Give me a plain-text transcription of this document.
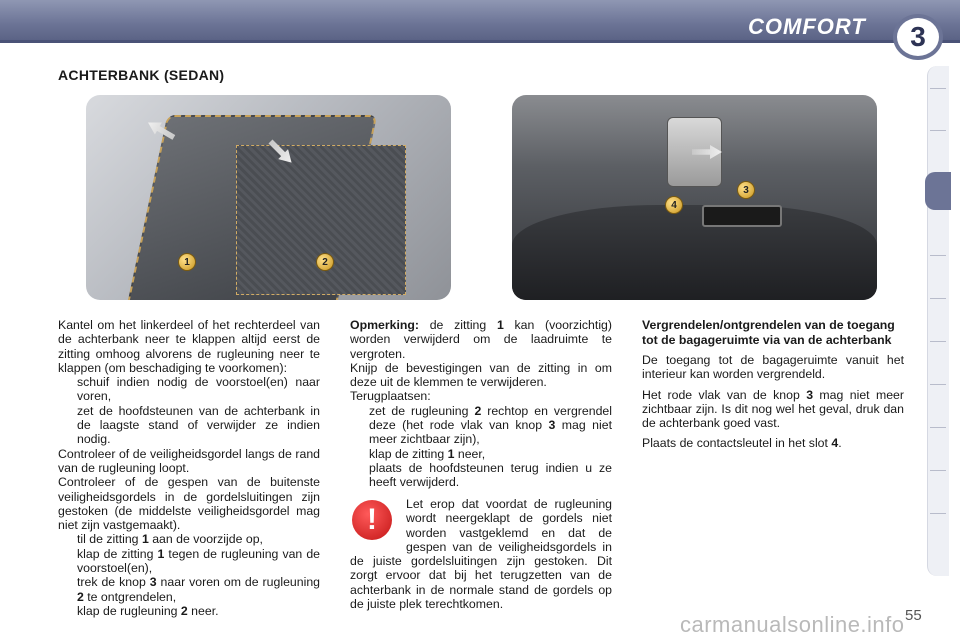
COMFORT 3
ACHTERBANK (SEDAN)
1	2
3
4
Kantel om het linkerdeel of het rechterdeel van de achterbank neer te klappen altijd eerst de zitting omhoog alvorens de rugleuning neer te klappen (om beschadiging te voorkomen):
schuif indien nodig de voorstoel(en) naar voren,
zet de hoofdsteunen van de achterbank in de laagste stand of verwijder ze indien nodig.
Controleer of de veiligheidsgordel langs de rand van de rugleuning loopt.
Controleer of de gespen van de buitenste veiligheidsgordels in de gordelsluitingen zijn gestoken (de middelste veiligheidsgordel mag niet zijn vastgemaakt).
til de zitting 1 aan de voorzijde op,
klap de zitting 1 tegen de rugleuning van de voorstoel(en),
trek de knop 3 naar voren om de rugleuning 2 te ontgrendelen,
klap de rugleuning 2 neer.
Opmerking: de zitting 1 kan (voorzichtig) worden verwijderd om de laadruimte te vergroten.
Knijp de bevestigingen van de zitting in om deze uit de klemmen te verwijderen.
Terugplaatsen:
zet de rugleuning 2 rechtop en vergrendel deze (het rode vlak van knop 3 mag niet meer zichtbaar zijn),
klap de zitting 1 neer,
plaats de hoofdsteunen terug indien u ze heeft verwijderd.
Let erop dat voordat de rugleuning wordt neergeklapt de gordels niet worden vastgeklemd en dat de gespen van de veiligheidsgordels in de juiste gordelsluitingen zijn gestoken. Dit zorgt ervoor dat bij het terugzetten van de achterbank in de normale stand de gordels op de juiste plek terechtkomen.
!
Vergrendelen/ontgrendelen van de toegang tot de bagageruimte via van de achterbank
De toegang tot de bagageruimte vanuit het interieur kan worden vergrendeld.
Het rode vlak van de knop 3 mag niet meer zichtbaar zijn. Is dit nog wel het geval, druk dan de achterbank goed vast.
Plaats de contactsleutel in het slot 4.
carmanualsonline.info 55
